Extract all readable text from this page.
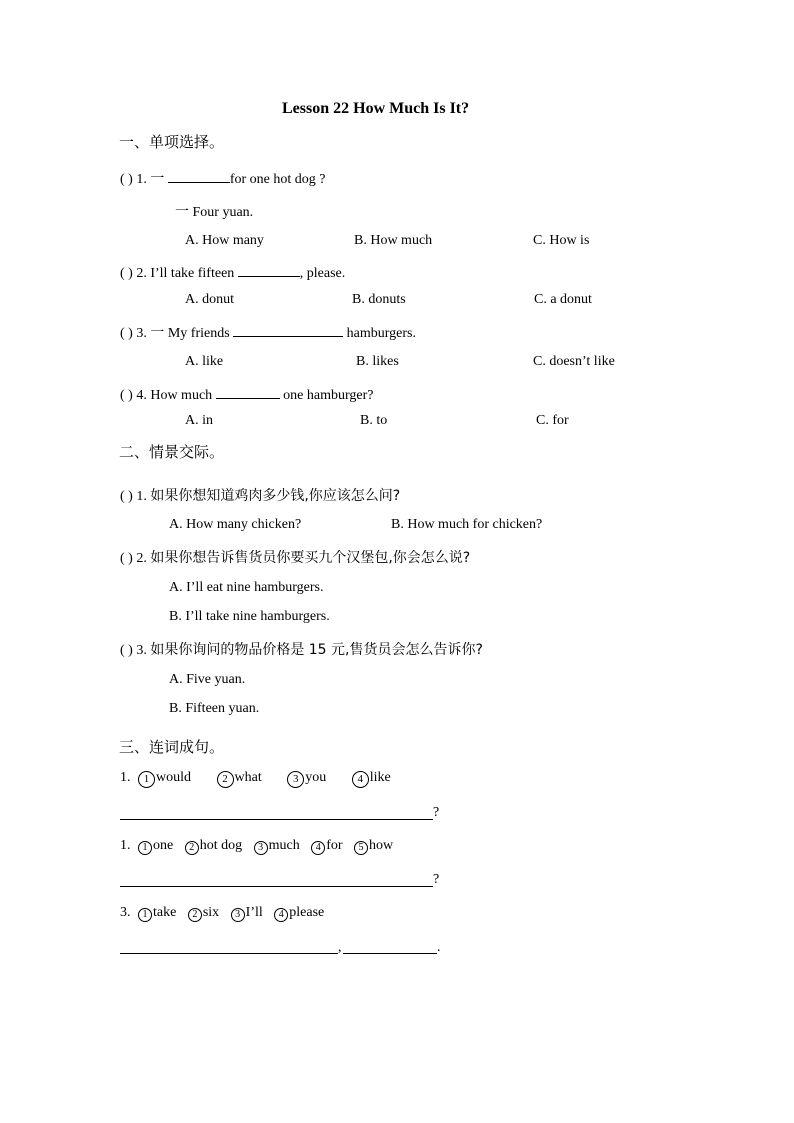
Lesson 22 How Much Is It?
一、单项选择。
( ) 1. 一	for one hot dog ?
一 Four yuan.
A. How many	B. How much	C. How is
( ) 2. I’ll take fifteen	, please.
A. donut	B. donuts	C. a donut
( ) 3. 一 My friends	hamburgers.
A. like	B. likes	C. doesn’t like
( ) 4. How much	one hamburger?
A. in	B. to	C. for
二、情景交际。
( ) 1. 如果你想知道鸡肉多少钱,你应该怎么问?
A. How many chicken?	B. How much for chicken?
( ) 2. 如果你想告诉售货员你要买九个汉堡包,你会怎么说?
A. I’ll eat nine hamburgers.
B. I’ll take nine hamburgers.
( ) 3. 如果你询问的物品价格是 15 元,售货员会怎么告诉你?
A. Five yuan.
B. Fifteen yuan.
三、连词成句。
1. 1 would	2 what	3 you	4 like
?
1. 1 one 2 hot dog 3 much 4 for 5 how
?
3. 1 take 2 six 3 I’ll 4 please
,	.
